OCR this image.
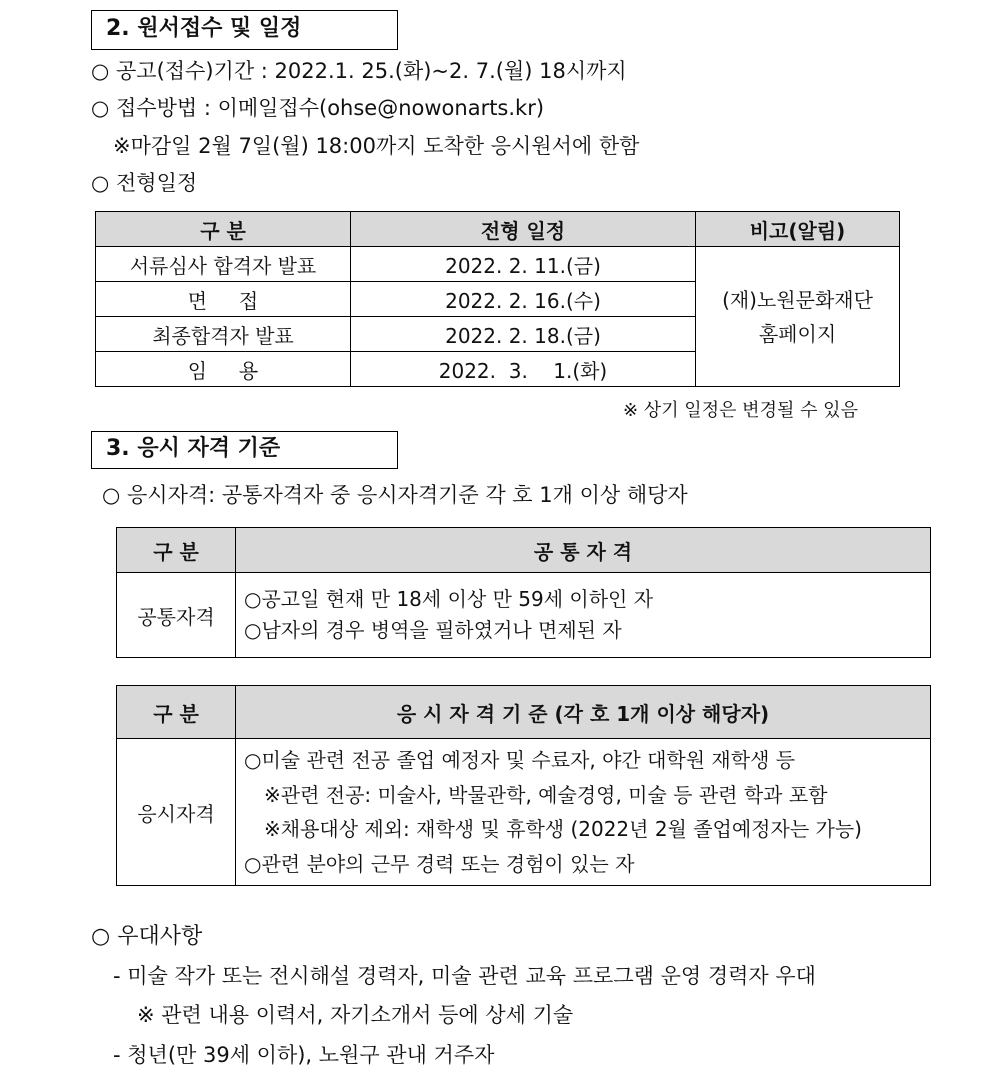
2. 원서접수 및 일정
○ 공고(접수)기간 : 2022.1. 25.(화)~2. 7.(월) 18시까지
○ 접수방법 : 이메일접수(ohse@nowonarts.kr)
※마감일 2월 7일(월) 18:00까지 도착한 응시원서에 한함
○ 전형일정
구 분	전형 일정	비고(알림)
서류심사 합격자 발표	2022. 2. 11.(금)	(재)노원문화재단
홈페이지

면     접	2022. 2. 16.(수)	
최종합격자 발표	2022. 2. 18.(금)	
임     용	2022.  3.    1.(화)	
※ 상기 일정은 변경될 수 있음
3. 응시 자격 기준
○ 응시자격: 공통자격자 중 응시자격기준 각 호 1개 이상 해당자
구 분	공 통 자 격
공통자격	○공고일 현재 만 18세 이상 만 59세 이하인 자
○남자의 경우 병역을 필하였거나 면제된 자
구 분	응 시 자 격 기 준 (각 호 1개 이상 해당자)
응시자격	○미술 관련 전공 졸업 예정자 및 수료자, 야간 대학원 재학생 등
※관련 전공: 미술사, 박물관학, 예술경영, 미술 등 관련 학과 포함
※채용대상 제외: 재학생 및 휴학생 (2022년 2월 졸업예정자는 가능)
○관련 분야의 근무 경력 또는 경험이 있는 자
○ 우대사항
- 미술 작가 또는 전시해설 경력자, 미술 관련 교육 프로그램 운영 경력자 우대
※ 관련 내용 이력서, 자기소개서 등에 상세 기술
- 청년(만 39세 이하), 노원구 관내 거주자
